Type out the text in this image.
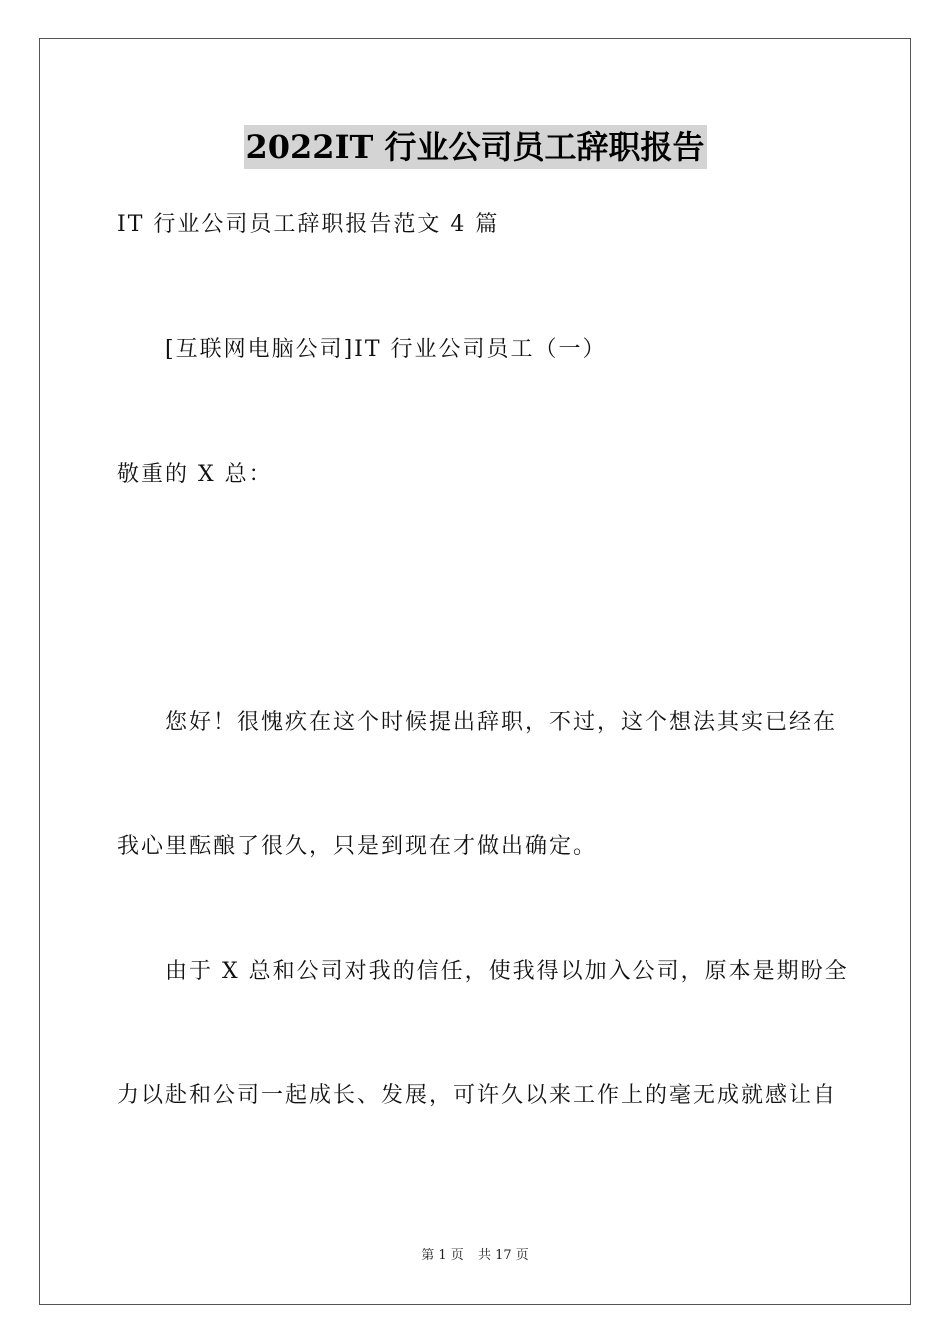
2022IT 行业公司员工辞职报告
IT 行业公司员工辞职报告范文 4 篇
[互联网电脑公司]IT 行业公司员工（一）
敬重的 X 总：
您好！很愧疚在这个时候提出辞职，不过，这个想法其实已经在
我心里酝酿了很久，只是到现在才做出确定。
由于 X 总和公司对我的信任，使我得以加入公司，原本是期盼全
力以赴和公司一起成长、发展，可许久以来工作上的毫无成就感让自
第 1 页 共 17 页
